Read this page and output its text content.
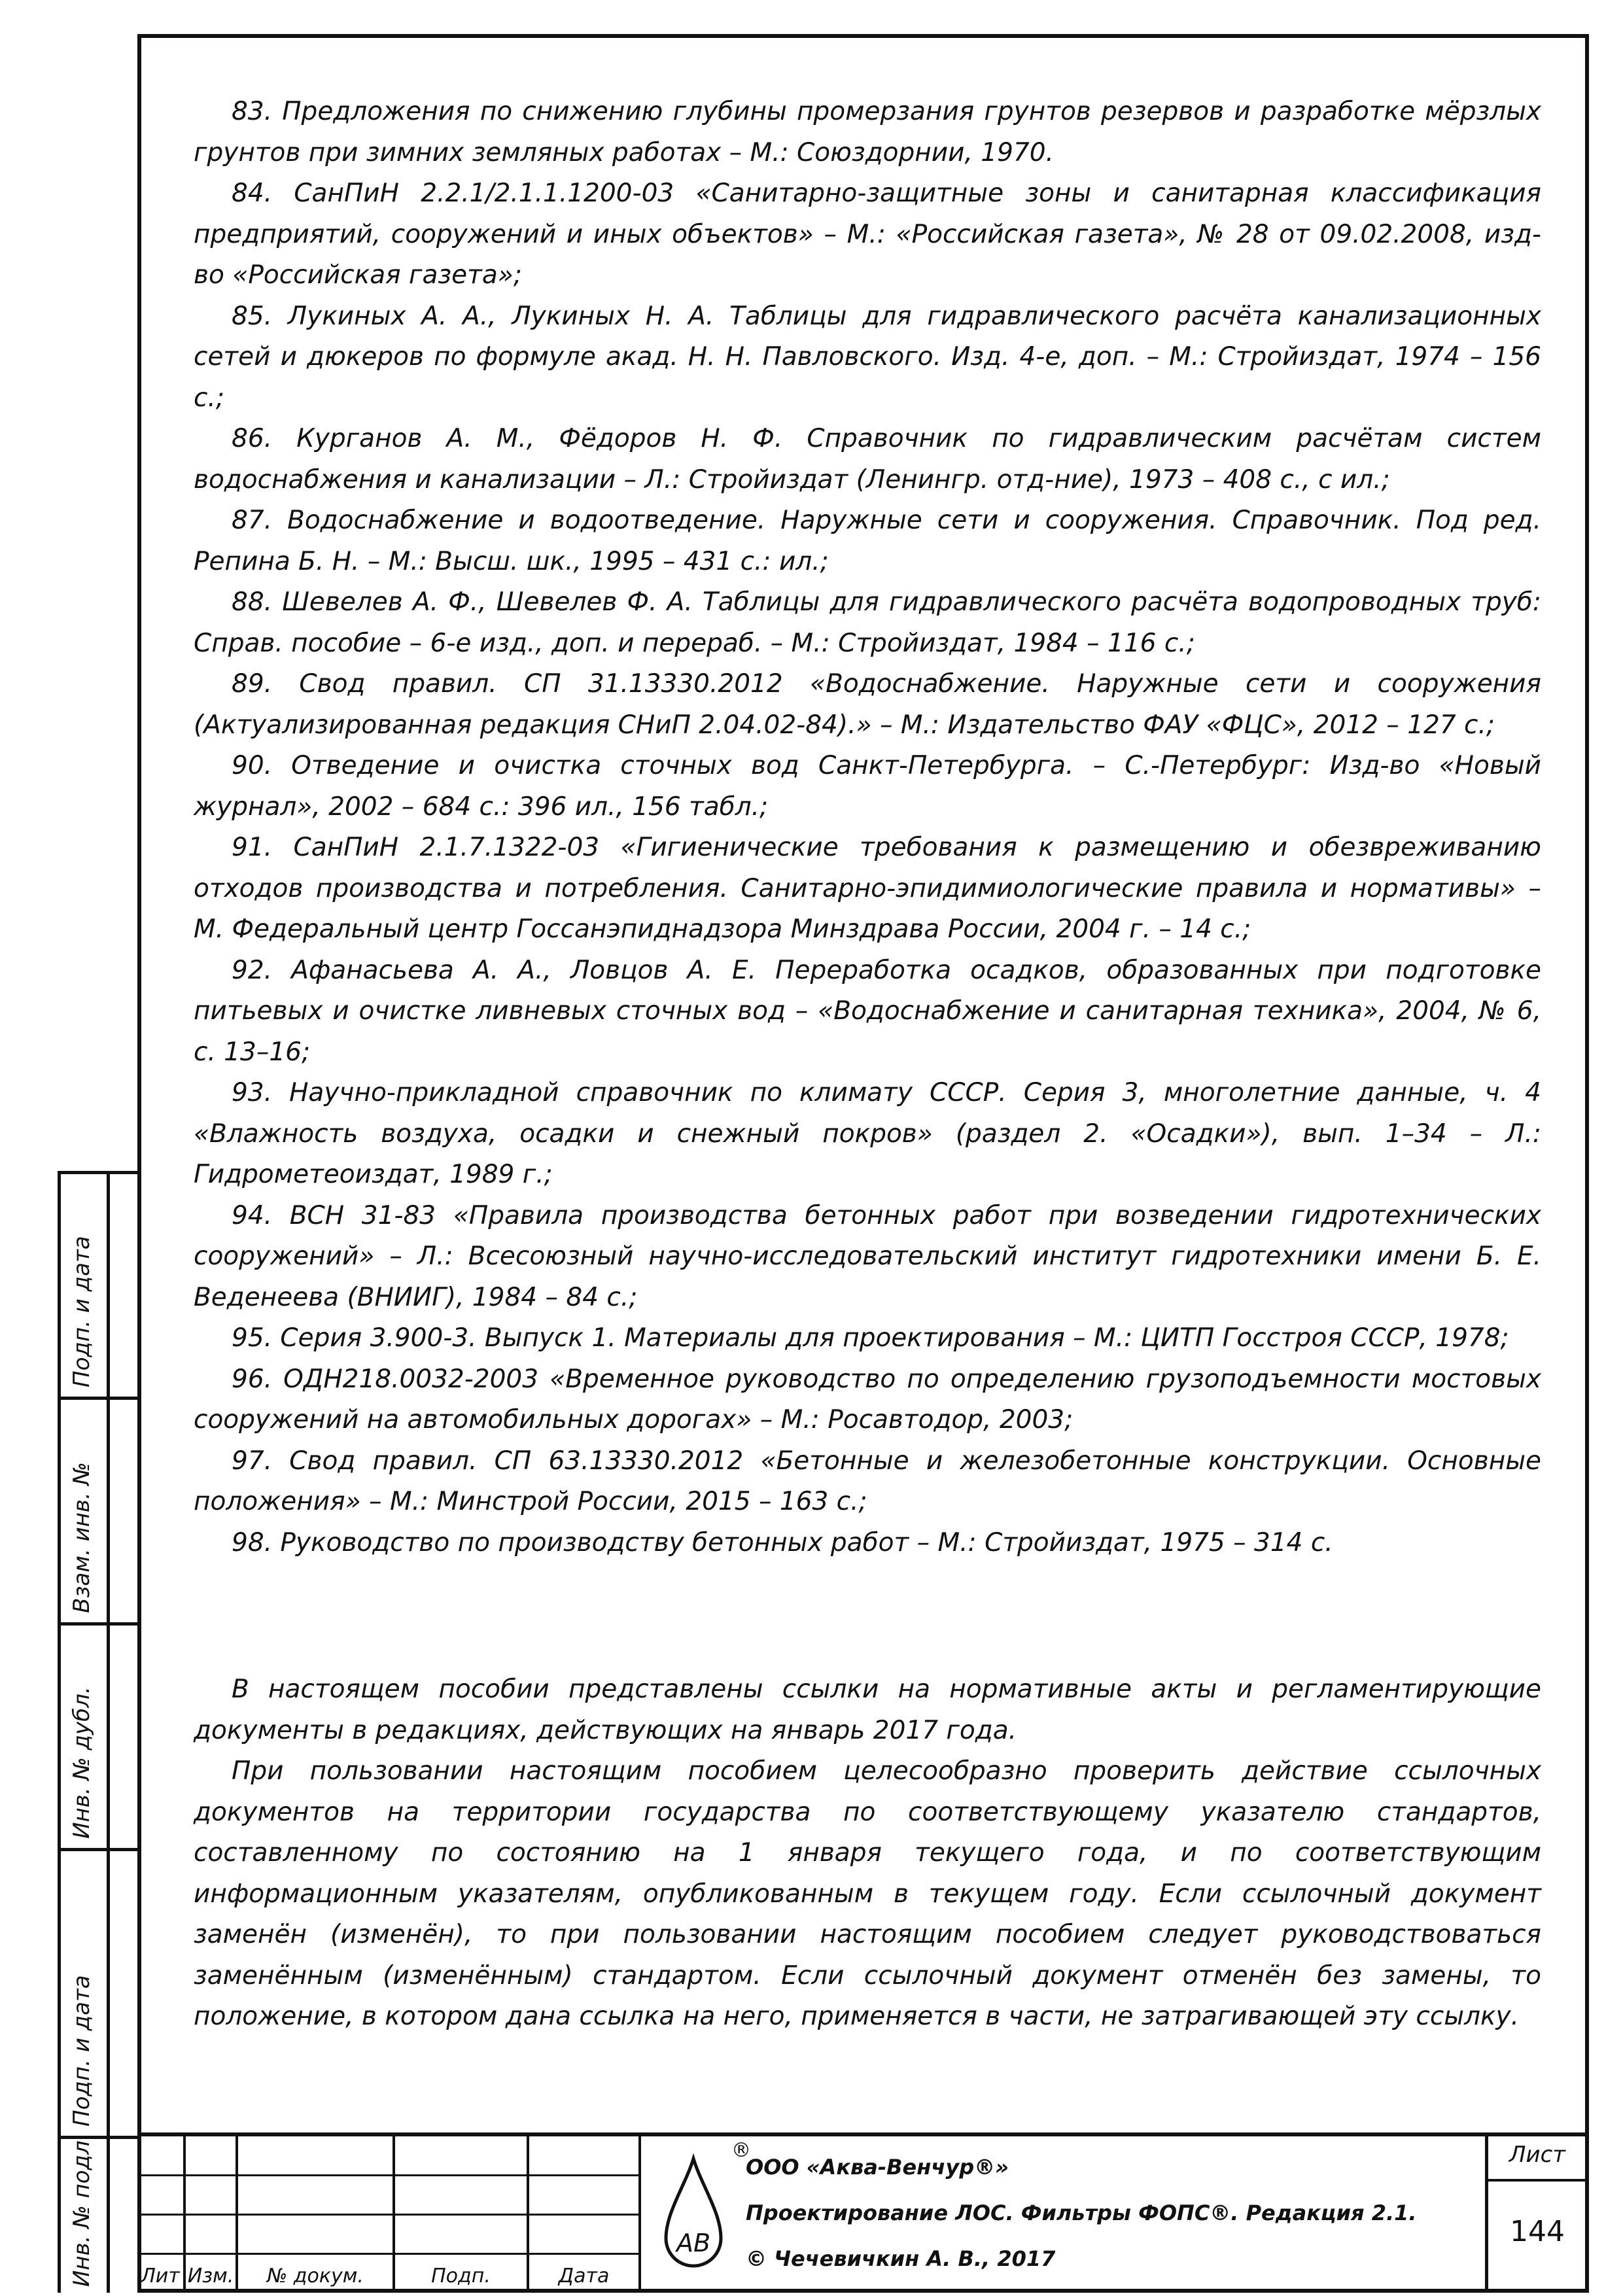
83. Предложения по снижению глубины промерзания грунтов резервов и разработке мёрзлых грунтов при зимних земляных работах – М.: Союздорнии, 1970.

84. СанПиН 2.2.1/2.1.1.1200-03 «Санитарно-защитные зоны и санитарная классификация предприятий, сооружений и иных объектов» – М.: «Российская газета», № 28 от 09.02.2008, изд-во «Российская газета»;

85. Лукиных А. А., Лукиных Н. А. Таблицы для гидравлического расчёта канализационных сетей и дюкеров по формуле акад. Н. Н. Павловского. Изд. 4-е, доп. – М.: Стройиздат, 1974 – 156 с.;

86. Курганов А. М., Фёдоров Н. Ф. Справочник по гидравлическим расчётам систем водоснабжения и канализации – Л.: Стройиздат (Ленингр. отд-ние), 1973 – 408 с., с ил.;

87. Водоснабжение и водоотведение. Наружные сети и сооружения. Справочник. Под ред. Репина Б. Н. – М.: Высш. шк., 1995 – 431 с.: ил.;

88. Шевелев А. Ф., Шевелев Ф. А. Таблицы для гидравлического расчёта водопроводных труб: Справ. пособие – 6-е изд., доп. и перераб. – М.: Стройиздат, 1984 – 116 с.;

89. Свод правил. СП 31.13330.2012 «Водоснабжение. Наружные сети и сооружения (Актуализированная редакция СНиП 2.04.02-84).» – М.: Издательство ФАУ «ФЦС», 2012 – 127 с.;

90. Отведение и очистка сточных вод Санкт-Петербурга. – С.-Петербург: Изд-во «Новый журнал», 2002 – 684 с.: 396 ил., 156 табл.;

91. СанПиН 2.1.7.1322-03 «Гигиенические требования к размещению и обезвреживанию отходов производства и потребления. Санитарно-эпидимиологичеcкие правила и нормативы» – М. Федеральный центр Госсанэпиднадзора Минздрава России, 2004 г. – 14 с.;

92. Афанасьева А. А., Ловцов А. Е. Переработка осадков, образованных при подготовке питьевых и очистке ливневых сточных вод – «Водоснабжение и санитарная техника», 2004, № 6, с. 13–16;

93. Научно-прикладной справочник по климату СССР. Серия 3, многолетние данные, ч. 4 «Влажность воздуха, осадки и снежный покров» (раздел 2. «Осадки»), вып. 1–34 – Л.: Гидрометеоиздат, 1989 г.;

94. ВСН 31-83 «Правила производства бетонных работ при возведении гидротехнических сооружений» – Л.: Всесоюзный научно-исследовательский институт гидротехники имени Б. Е. Веденеева (ВНИИГ), 1984 – 84 с.;

95. Серия 3.900-3. Выпуск 1. Материалы для проектирования – М.: ЦИТП Госстроя СССР, 1978;

96. ОДН218.0032-2003 «Временное руководство по определению грузоподъемности мостовых сооружений на автомобильных дорогах» – М.: Росавтодор, 2003;

97. Свод правил. СП 63.13330.2012 «Бетонные и железобетонные конструкции. Основные положения» – М.: Минстрой России, 2015 – 163 с.;

98. Руководство по производству бетонных работ – М.: Стройиздат, 1975 – 314 с.

В настоящем пособии представлены ссылки на нормативные акты и регламентирующие документы в редакциях, действующих на январь 2017 года.

При пользовании настоящим пособием целесообразно проверить действие ссылочных документов на территории государства по соответствующему указателю стандартов, составленному по состоянию на 1 января текущего года, и по соответствующим информационным указателям, опубликованным в текущем году. Если ссылочный документ заменён (изменён), то при пользовании настоящим пособием следует руководствоваться заменённым (изменённым) стандартом. Если ссылочный документ отменён без замены, то положение, в котором дана ссылка на него, применяется в части, не затрагивающей эту ссылку.

Подп. и дата
Взам. инв. №
Инв. № дубл.
Подп. и дата
Инв. № подл Лит Изм.	№ докум.	Подп.	Дата
АВ
®
ООО «Аква-Венчур®»
Проектирование ЛОС. Фильтры ФОПС®. Редакция 2.1.
© Чечевичкин А. В., 2017
Лист
144
